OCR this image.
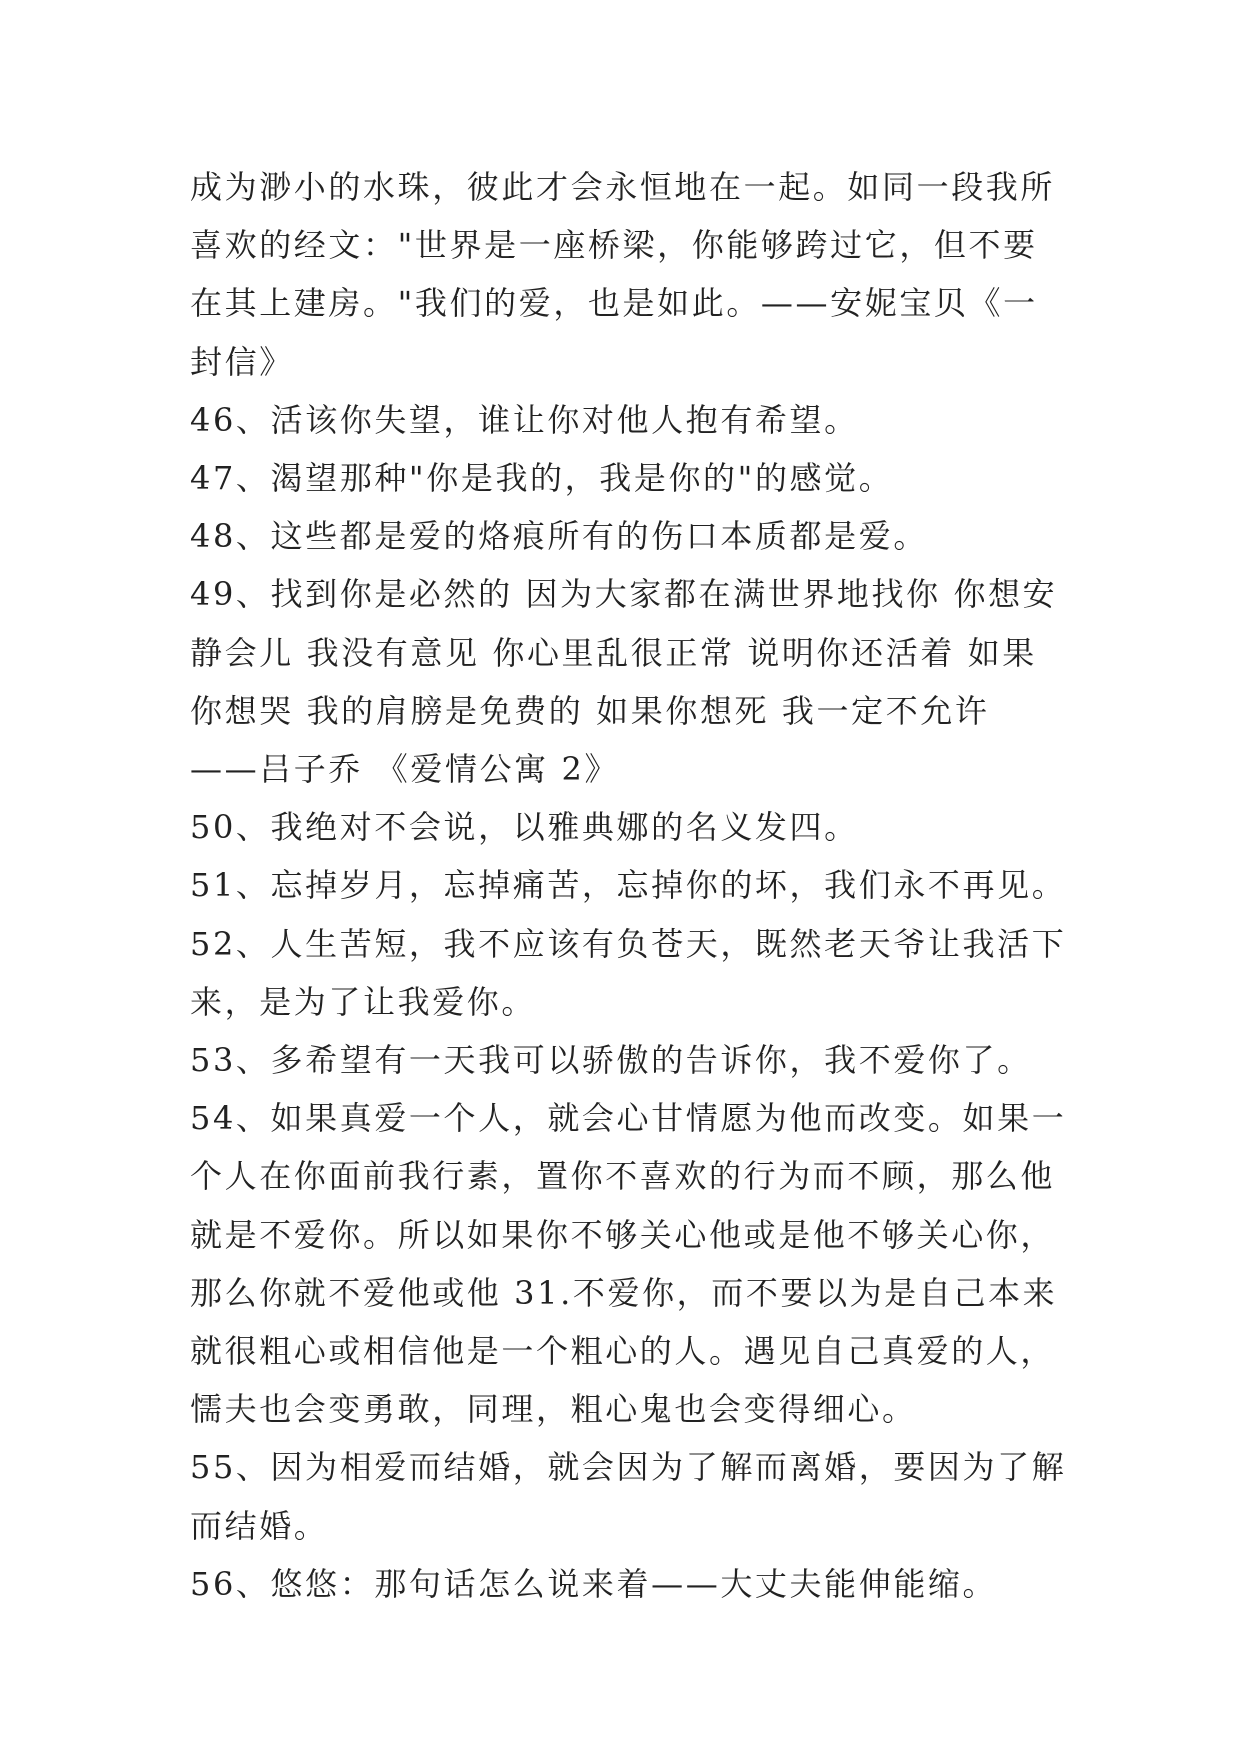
成为渺小的水珠，彼此才会永恒地在一起。如同一段我所喜欢的经文："世界是一座桥梁，你能够跨过它，但不要在其上建房。"我们的爱，也是如此。——安妮宝贝《一封信》

46、活该你失望，谁让你对他人抱有希望。

47、渴望那种"你是我的，我是你的"的感觉。

48、这些都是爱的烙痕所有的伤口本质都是爱。

49、找到你是必然的 因为大家都在满世界地找你 你想安静会儿 我没有意见 你心里乱很正常 说明你还活着 如果你想哭 我的肩膀是免费的 如果你想死 我一定不允许 ——吕子乔 《爱情公寓 2》

50、我绝对不会说，以雅典娜的名义发四。

51、忘掉岁月，忘掉痛苦，忘掉你的坏，我们永不再见。

52、人生苦短，我不应该有负苍天，既然老天爷让我活下来，是为了让我爱你。

53、多希望有一天我可以骄傲的告诉你，我不爱你了。

54、如果真爱一个人，就会心甘情愿为他而改变。如果一个人在你面前我行素，置你不喜欢的行为而不顾，那么他就是不爱你。所以如果你不够关心他或是他不够关心你，那么你就不爱他或他 31.不爱你，而不要以为是自己本来就很粗心或相信他是一个粗心的人。遇见自己真爱的人，懦夫也会变勇敢，同理，粗心鬼也会变得细心。

55、因为相爱而结婚，就会因为了解而离婚，要因为了解而结婚。

56、悠悠：那句话怎么说来着——大丈夫能伸能缩。
